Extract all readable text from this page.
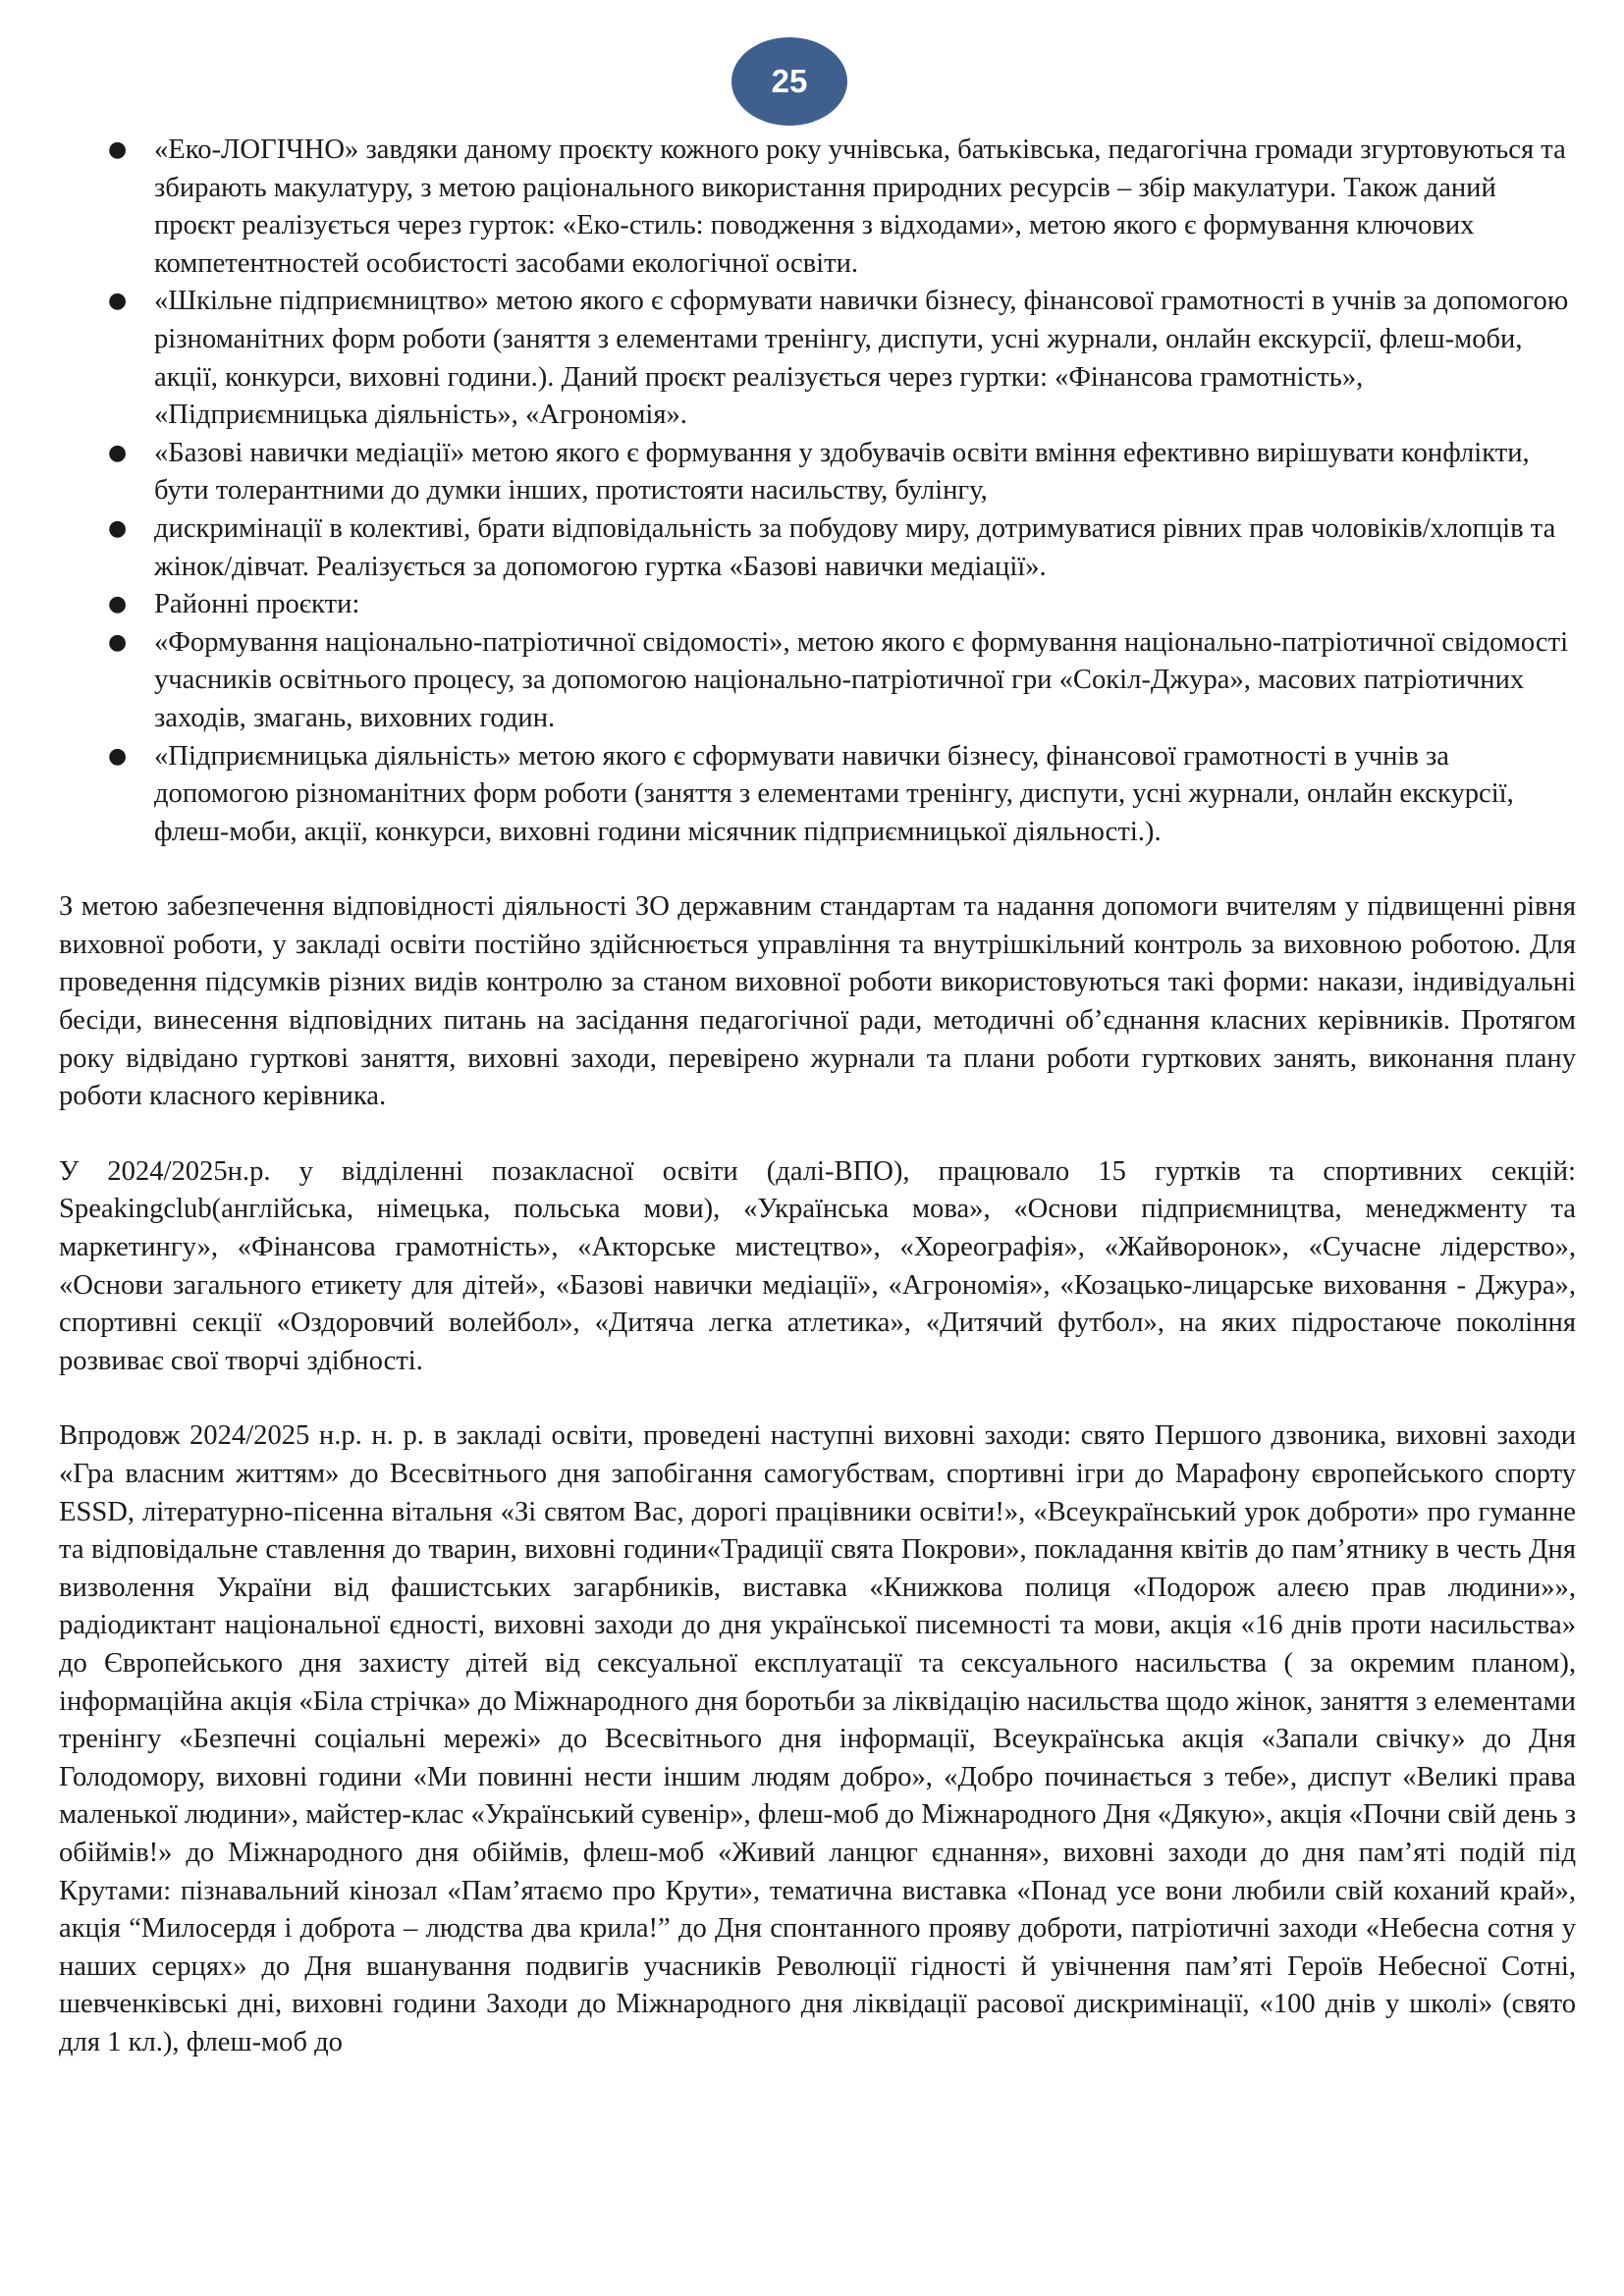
25
● «Еко-ЛОГІЧНО» завдяки даному проєкту кожного року учнівська, батьківська, педагогічна громади згуртовуються та збирають макулатуру, з метою раціонального використання природних ресурсів – збір макулатури. Також даний проєкт реалізується через гурток: «Еко-стиль: поводження з відходами», метою якого є формування ключових компетентностей особистості засобами екологічної освіти.
● «Шкільне підприємництво» метою якого є сформувати навички бізнесу, фінансової грамотності в учнів за допомогою різноманітних форм роботи (заняття з елементами тренінгу, диспути, усні журнали, онлайн екскурсії, флеш-моби, акції, конкурси, виховні години.). Даний проєкт реалізується через гуртки: «Фінансова грамотність», «Підприємницька діяльність», «Агрономія».
● «Базові навички медіації» метою якого є формування у здобувачів освіти вміння ефективно вирішувати конфлікти, бути толерантними до думки інших, протистояти насильству, булінгу,
● дискримінації в колективі, брати відповідальність за побудову миру, дотримуватися рівних прав чоловіків/хлопців та жінок/дівчат. Реалізується за допомогою гуртка «Базові навички медіації».
● Районні проєкти:
● «Формування національно-патріотичної свідомості», метою якого є формування національно-патріотичної свідомості учасників освітнього процесу, за допомогою національно-патріотичної гри «Сокіл-Джура», масових патріотичних заходів, змагань, виховних годин.
● «Підприємницька діяльність» метою якого є сформувати навички бізнесу, фінансової грамотності в учнів за допомогою різноманітних форм роботи (заняття з елементами тренінгу, диспути, усні журнали, онлайн екскурсії, флеш-моби, акції, конкурси, виховні години місячник підприємницької діяльності.).

З метою забезпечення відповідності діяльності ЗО державним стандартам та надання допомоги вчителям у підвищенні рівня виховної роботи, у закладі освіти постійно здійснюється управління та внутрішкільний контроль за виховною роботою. Для проведення підсумків різних видів контролю за станом виховної роботи використовуються такі форми: накази, індивідуальні бесіди, винесення відповідних питань на засідання педагогічної ради, методичні об’єднання класних керівників. Протягом року відвідано гурткові заняття, виховні заходи, перевірено журнали та плани роботи гурткових занять, виконання плану роботи класного керівника.

У 2024/2025н.р. у відділенні позакласної освіти (далі-ВПО), працювало 15 гуртків та спортивних секцій: Speakingclub(англійська, німецька, польська мови), «Українська мова», «Основи підприємництва, менеджменту та маркетингу», «Фінансова грамотність», «Акторське мистецтво», «Хореографія», «Жайворонок», «Сучасне лідерство», «Основи загального етикету для дітей», «Базові навички медіації», «Агрономія», «Козацько-лицарське виховання - Джура», спортивні секції «Оздоровчий волейбол», «Дитяча легка атлетика», «Дитячий футбол», на яких підростаюче покоління розвиває свої творчі здібності.

Впродовж 2024/2025 н.р. н. р. в закладі освіти, проведені наступні виховні заходи: свято Першого дзвоника, виховні заходи «Гра власним життям» до Всесвітнього дня запобігання самогубствам, спортивні ігри до Марафону європейського спорту ESSD, літературно-пісенна вітальня «Зі святом Вас, дорогі працівники освіти!», «Всеукраїнський урок доброти» про гуманне та відповідальне ставлення до тварин, виховні години«Традиції свята Покрови», покладання квітів до пам’ятнику в честь Дня визволення України від фашистських загарбників, виставка «Книжкова полиця «Подорож алеєю прав людини»», радіодиктант національної єдності, виховні заходи до дня української писемності та мови, акція «16 днів проти насильства» до Європейського дня захисту дітей від сексуальної експлуатації та сексуального насильства ( за окремим планом), інформаційна акція «Біла стрічка» до Міжнародного дня боротьби за ліквідацію насильства щодо жінок, заняття з елементами тренінгу «Безпечні соціальні мережі» до Всесвітнього дня інформації, Всеукраїнська акція «Запали свічку» до Дня Голодомору, виховні години «Ми повинні нести іншим людям добро», «Добро починається з тебе», диспут «Великі права маленької людини», майстер-клас «Український сувенір», флеш-моб до Міжнародного Дня «Дякую», акція «Почни свій день з обіймів!» до Міжнародного дня обіймів, флеш-моб «Живий ланцюг єднання», виховні заходи до дня пам’яті подій під Крутами: пізнавальний кінозал «Пам’ятаємо про Крути», тематична виставка «Понад усе вони любили свій коханий край», акція “Милосердя і доброта – людства два крила!” до Дня спонтанного прояву доброти, патріотичні заходи «Небесна сотня у наших серцях» до Дня вшанування подвигів учасників Революції гідності й увічнення пам’яті Героїв Небесної Сотні, шевченківські дні, виховні години Заходи до Міжнародного дня ліквідації расової дискримінації, «100 днів у школі» (свято для 1 кл.), флеш-моб до
